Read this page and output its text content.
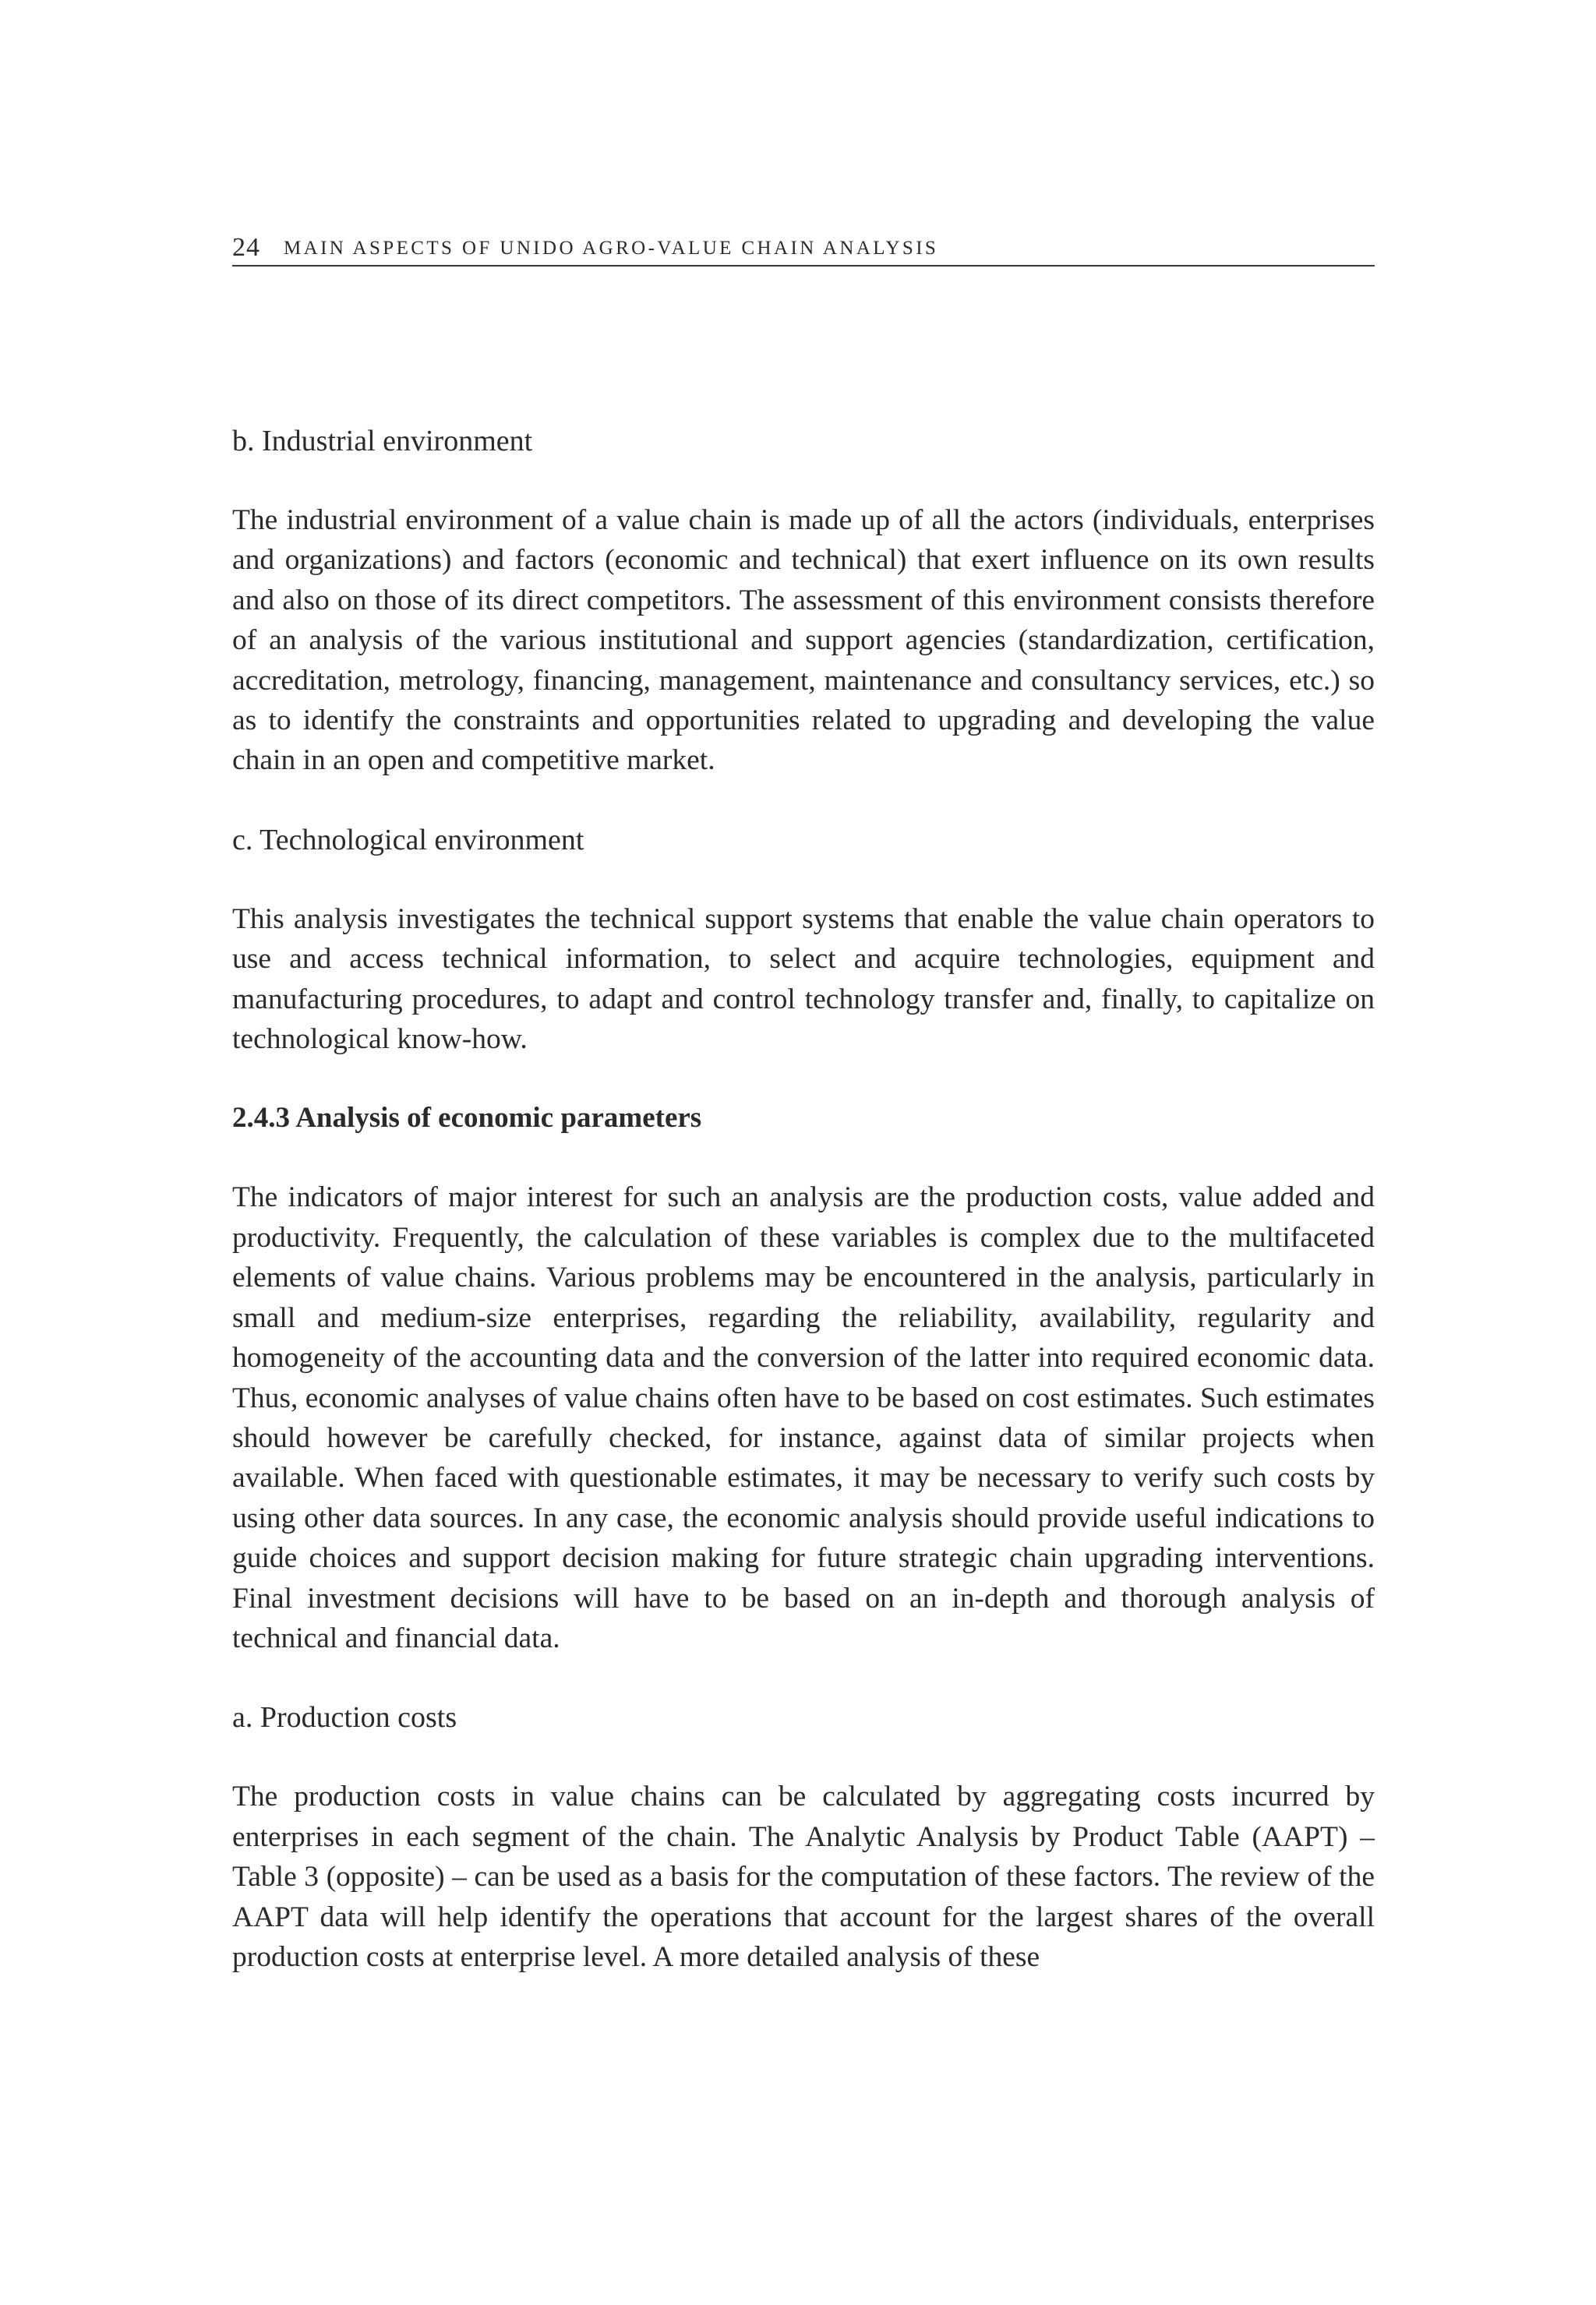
24 MAIN ASPECTS OF UNIDO AGRO-VALUE CHAIN ANALYSIS
b. Industrial environment

The industrial environment of a value chain is made up of all the actors (individuals, enterprises and organizations) and factors (economic and technical) that exert influence on its own results and also on those of its direct competitors. The assessment of this environment consists therefore of an analysis of the various institutional and support agencies (standardization, certification, accreditation, metrology, financing, management, maintenance and consultancy services, etc.) so as to identify the constraints and opportunities related to upgrading and developing the value chain in an open and competitive market.

c. Technological environment

This analysis investigates the technical support systems that enable the value chain operators to use and access technical information, to select and acquire technologies, equipment and manufacturing procedures, to adapt and control technology transfer and, finally, to capitalize on technological know-how.

2.4.3 Analysis of economic parameters

The indicators of major interest for such an analysis are the production costs, value added and productivity. Frequently, the calculation of these variables is complex due to the multifaceted elements of value chains. Various problems may be encountered in the analysis, particularly in small and medium-size enterprises, regarding the reliability, availability, regularity and homogeneity of the accounting data and the conversion of the latter into required economic data. Thus, economic analyses of value chains often have to be based on cost estimates. Such estimates should however be carefully checked, for instance, against data of similar projects when available. When faced with questionable estimates, it may be necessary to verify such costs by using other data sources. In any case, the economic analysis should provide useful indications to guide choices and support decision making for future strategic chain upgrading interventions. Final investment decisions will have to be based on an in-depth and thorough analysis of technical and financial data.

a. Production costs

The production costs in value chains can be calculated by aggregating costs incurred by enterprises in each segment of the chain. The Analytic Analysis by Product Table (AAPT) – Table 3 (opposite) – can be used as a basis for the computation of these factors. The review of the AAPT data will help identify the operations that account for the largest shares of the overall production costs at enterprise level. A more detailed analysis of these
